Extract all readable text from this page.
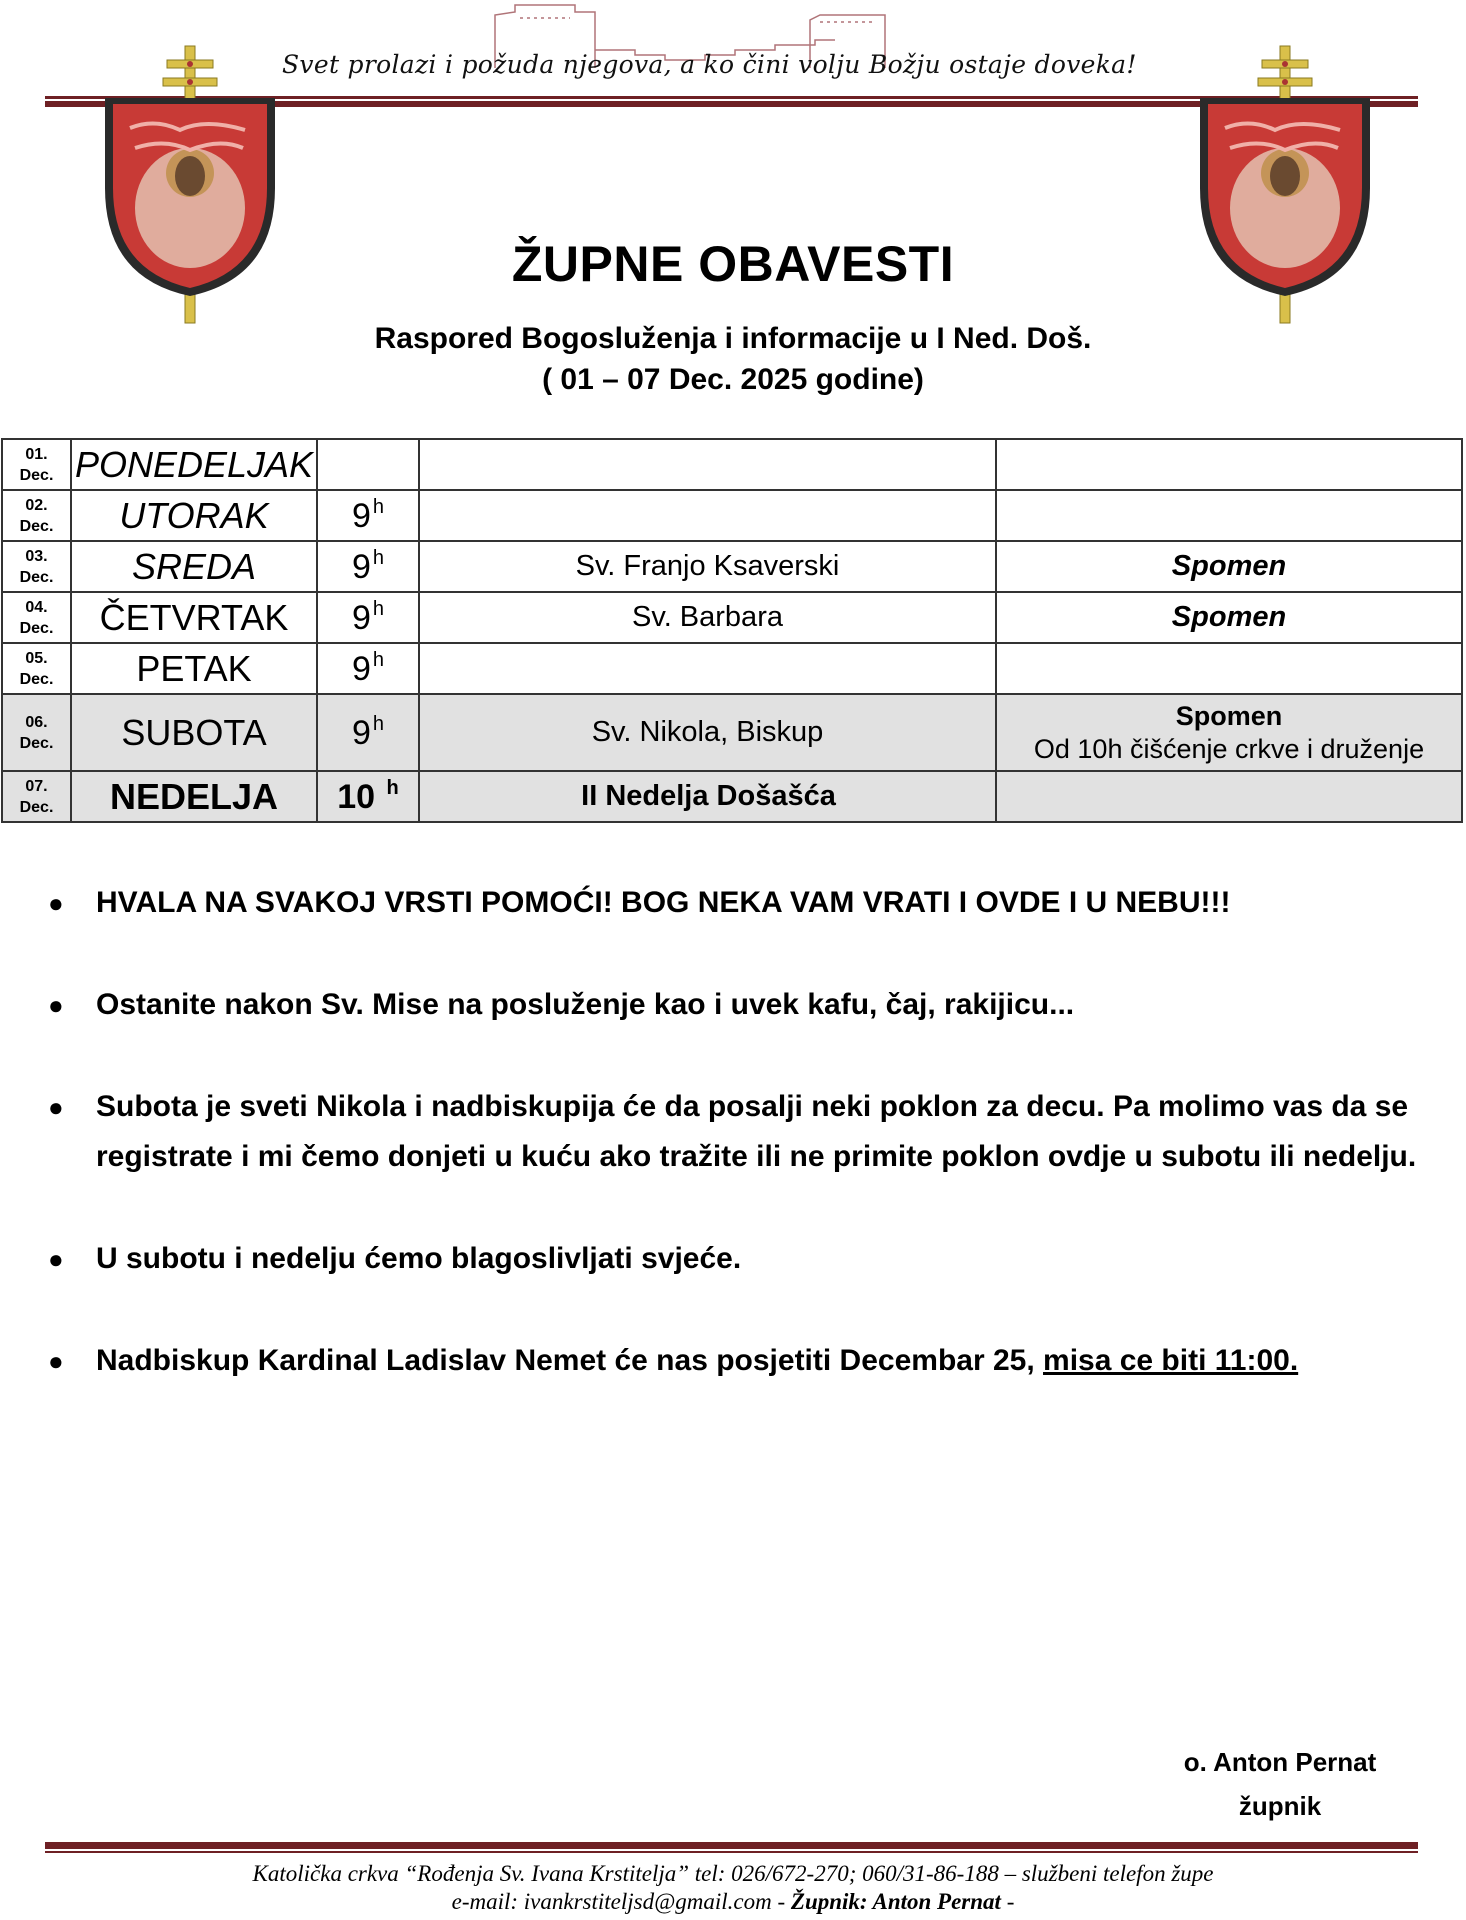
Svet prolazi i požuda njegova, a ko čini volju Božju ostaje doveka!
ŽUPNE OBAVESTI
Raspored Bogosluženja i informacije u I Ned. Doš.
( 01 – 07 Dec. 2025 godine)
01.
Dec.	PONEDELJAK			
02.
Dec.	UTORAK	9 $^h$		
03.
Dec.	SREDA	9 $^h$	Sv. Franjo Ksaverski	Spomen
04.
Dec.	ČETVRTAK	9 $^h$	Sv. Barbara	Spomen
05.
Dec.	PETAK	9 $^h$		
06.
Dec.	SUBOTA	9 $^h$	Sv. Nikola, Biskup	Spomen
Od 10h čišćenje crkve i druženje

07.
Dec.	NEDELJA	10 $^h$	II Nedelja Došašća	

●	HVALA NA SVAKOJ VRSTI POMOĆI! BOG NEKA VAM VRATI I OVDE I U NEBU!!!
●	Ostanite nakon Sv. Mise na posluženje kao i uvek kafu, čaj, rakijicu...
●	Subota je sveti Nikola i nadbiskupija će da posalji neki poklon za decu. Pa molimo vas da se registrate i mi čemo donjeti u kuću ako tražite ili ne primite poklon ovdje u subotu ili nedelju.
●	U subotu i nedelju ćemo blagoslivljati svjeće.
●	Nadbiskup Kardinal Ladislav Nemet će nas posjetiti Decembar 25, misa ce biti 11:00.
o. Anton Pernat
župnik
Katolička crkva “Rođenja Sv. Ivana Krstitelja” tel: 026/672-270; 060/31-86-188 – službeni telefon župe
e-mail: ivankrstiteljsd@gmail.com - Župnik: Anton Pernat -
